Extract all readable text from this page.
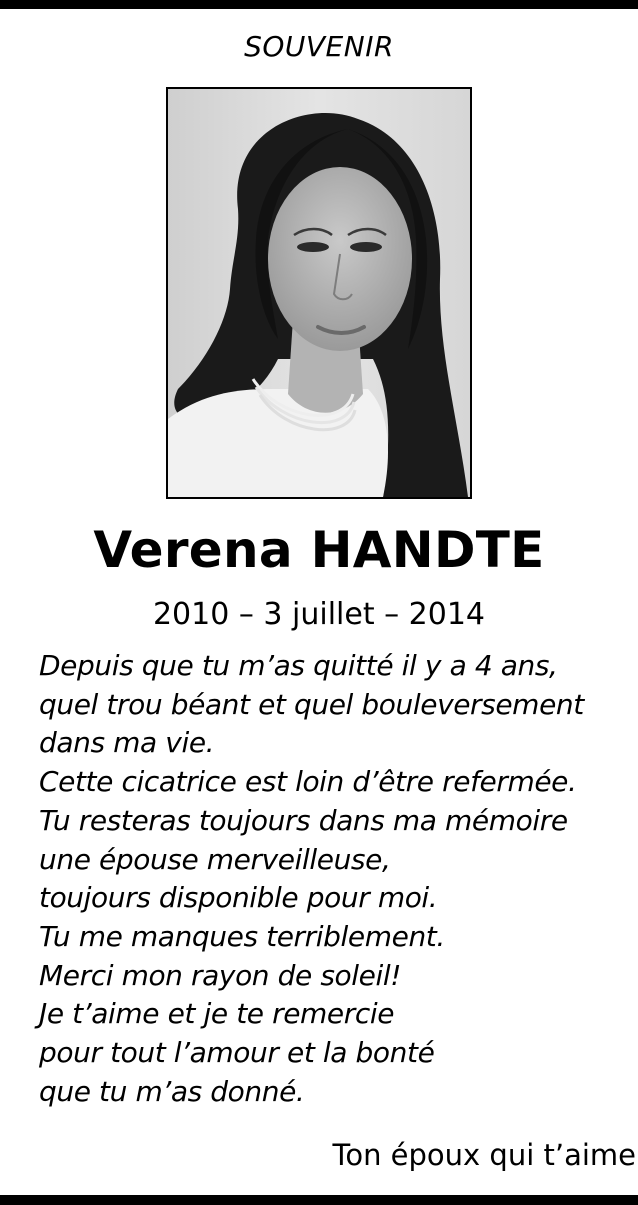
SOUVENIR
Verena HANDTE
2010 – 3 juillet – 2014
Depuis que tu m’as quitté il y a 4 ans,
quel trou béant et quel bouleversement
dans ma vie.
Cette cicatrice est loin d’être refermée.
Tu resteras toujours dans ma mémoire
une épouse merveilleuse,
toujours disponible pour moi.
Tu me manques terriblement.
Merci mon rayon de soleil!
Je t’aime et je te remercie
pour tout l’amour et la bonté
que tu m’as donné.
Ton époux qui t’aime
